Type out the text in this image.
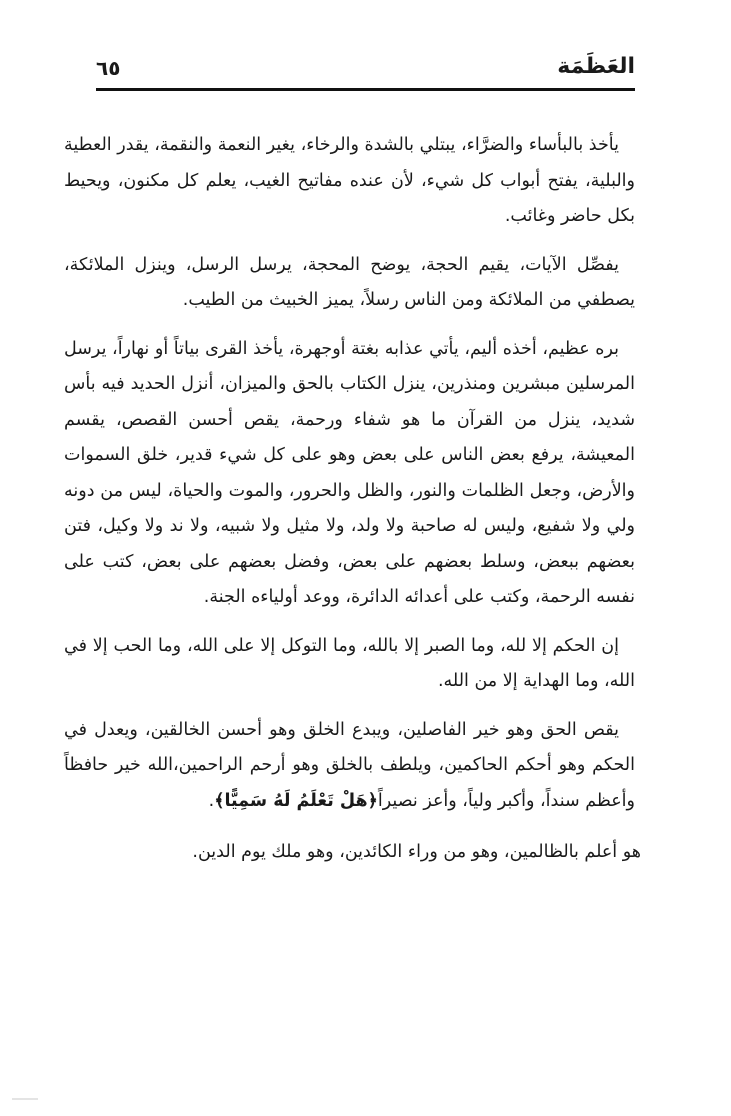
العَظَمَة
٦٥

يأخذ بالبأساء والضرَّاء، يبتلي بالشدة والرخاء، يغير النعمة والنقمة، يقدر العطية والبلية، يفتح أبواب كل شيء، لأن عنده مفاتيح الغيب، يعلم كل مكنون، ويحيط بكل حاضر وغائب.

يفصِّل الآيات، يقيم الحجة، يوضح المحجة، يرسل الرسل، وينزل الملائكة، يصطفي من الملائكة ومن الناس رسلاً، يميز الخبيث من الطيب.

بره عظيم، أخذه أليم، يأتي عذابه بغتة أوجهرة، يأخذ القرى بياتاً أو نهاراً، يرسل المرسلين مبشرين ومنذرين، ينزل الكتاب بالحق والميزان، أنزل الحديد فيه بأس شديد، ينزل من القرآن ما هو شفاء ورحمة، يقص أحسن القصص، يقسم المعيشة، يرفع بعض الناس على بعض وهو على كل شيء قدير، خلق السموات والأرض، وجعل الظلمات والنور، والظل والحرور، والموت والحياة، ليس من دونه ولي ولا شفيع، وليس له صاحبة ولا ولد، ولا مثيل ولا شبيه، ولا ند ولا وكيل، فتن بعضهم ببعض، وسلط بعضهم على بعض، وفضل بعضهم على بعض، كتب على نفسه الرحمة، وكتب على أعدائه الدائرة، ووعد أولياءه الجنة.

إن الحكم إلا لله، وما الصبر إلا بالله، وما التوكل إلا على الله، وما الحب إلا في الله، وما الهداية إلا من الله.

يقص الحق وهو خير الفاصلين، ويبدع الخلق وهو أحسن الخالقين، ويعدل في الحكم وهو أحكم الحاكمين، ويلطف بالخلق وهو أرحم الراحمين،الله خير حافظاً وأعظم سنداً، وأكبر ولياً، وأعز نصيراً﴿هَلْ تَعْلَمُ لَهُ سَمِيًّا﴾.

هو أعلم بالظالمين، وهو من وراء الكائدين، وهو ملك يوم الدين.
